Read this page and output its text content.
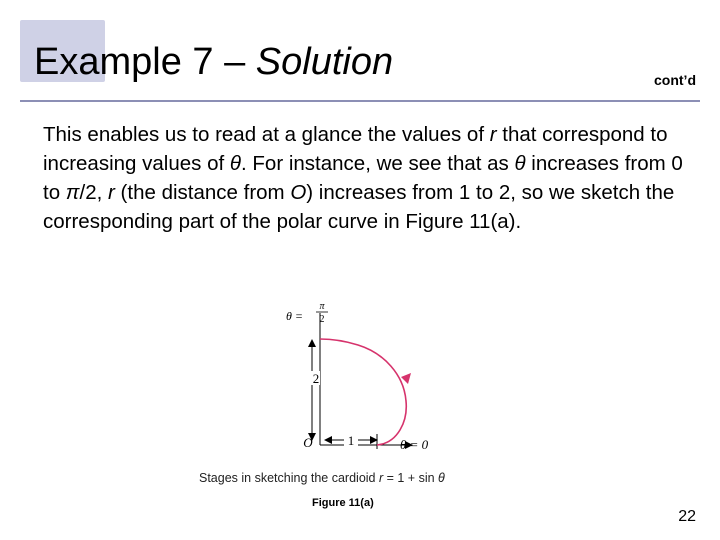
Example 7 – Solution	cont’d
This enables us to read at a glance the values of r that correspond to increasing values of θ. For instance, we see that as θ increases from 0 to π/2, r (the distance from O) increases from 1 to 2, so we sketch the corresponding part of the polar curve in Figure 11(a).
2
1
O
θ =
π
2
θ = 0
Stages in sketching the cardioid r = 1 + sin θ
Figure 11(a)
22
